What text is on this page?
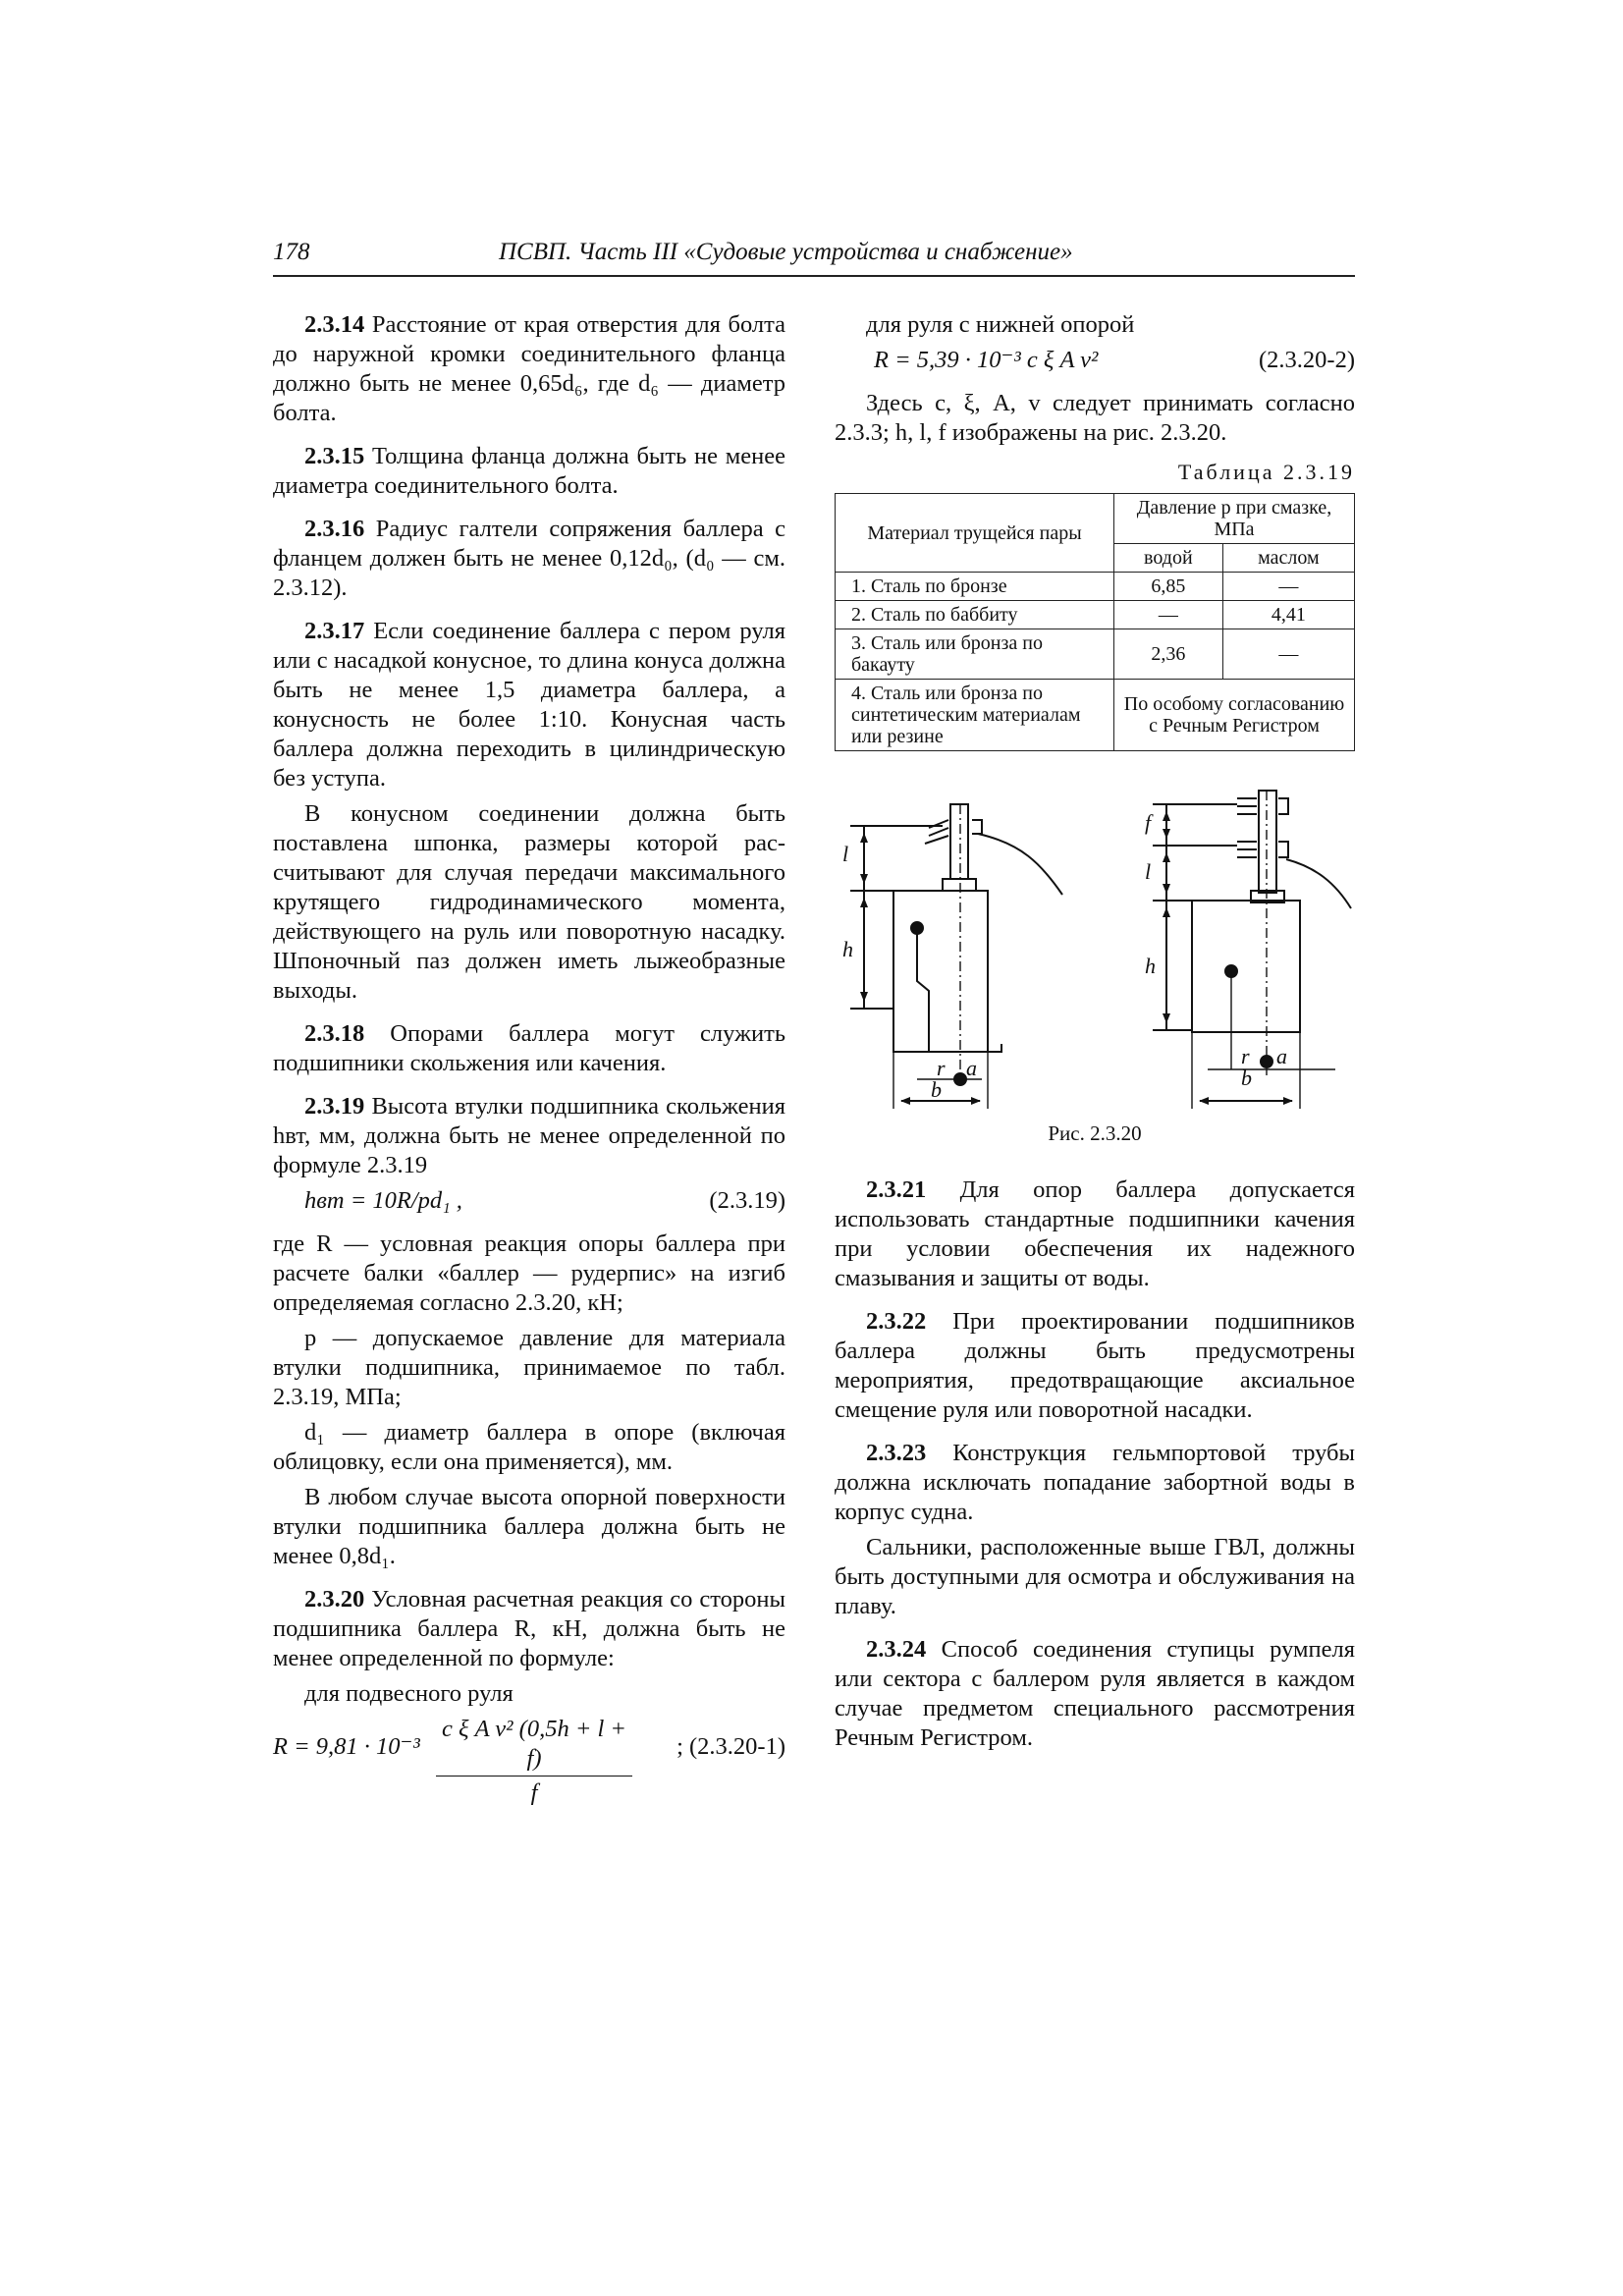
178	ПСВП. Часть III «Судовые устройства и снабжение»

2.3.14 Расстояние от края отверстия для болта до наружной кромки соединительного фланца должно быть не менее 0,65d₆, где d₆ — диаметр болта.

2.3.15 Толщина фланца должна быть не менее диаметра соединительного болта.

2.3.16 Радиус галтели сопряжения баллера с фланцем должен быть не менее 0,12d₀, (d₀ — см. 2.3.12).

2.3.17 Если соединение баллера с пером руля или с насадкой конусное, то длина конуса должна быть не менее 1,5 диаметра баллера, а конусность не более 1:10. Конусная часть баллера должна переходить в цилиндрическую без уступа.

В конусном соединении должна быть поставлена шпонка, размеры которой рассчитывают для случая передачи максимального крутящего гидродинамического момента, действующего на руль или поворотную насадку. Шпоночный паз должен иметь лыжеобразные выходы.

2.3.18 Опорами баллера могут служить подшипники скольжения или качения.

2.3.19 Высота втулки подшипника скольжения hвт, мм, должна быть не менее определенной по формуле 2.3.19

hвт = 10R/pd₁ ,	(2.3.19)

где R — условная реакция опоры баллера при расчете балки «баллер — рудерпис» на изгиб определяемая согласно 2.3.20, кН;

p — допускаемое давление для материала втулки подшипника, принимаемое по табл. 2.3.19, МПа;

d₁ — диаметр баллера в опоре (включая облицовку, если она применяется), мм.

В любом случае высота опорной поверхности втулки подшипника баллера должна быть не менее 0,8d₁.

2.3.20 Условная расчетная реакция со стороны подшипника баллера R, кН, должна быть не менее определенной по формуле:

для подвесного руля

$R = 9,81 \cdot 10^{-3} \frac{\text{c ξ A v² (0,5h + l + f)}}{f}$ ; (2.3.20-1)

для руля с нижней опорой

R = 5,39 · 10⁻³ c ξ A v²	(2.3.20-2)

Здесь c, ξ, A, v следует принимать согласно 2.3.3; h, l, f изображены на рис. 2.3.20.

Таблица 2.3.19
Материал трущейся пары	Давление p при смазке, МПа	
	водой	маслом
1. Сталь по бронзе	6,85	—
2. Сталь по баббиту	—	4,41
3. Сталь или бронза по бакауту	2,36	—
4. Сталь или бронза по синтетическим материалам или резине	По особому согласованию с Речным Регистром	
l
h
r a
b
f
l
h
r a
b
Рис. 2.3.20

2.3.21 Для опор баллера допускается использовать стандартные подшипники качения при условии обеспечения их надежного смазывания и защиты от воды.

2.3.22 При проектировании подшипников баллера должны быть предусмотрены мероприятия, предотвращающие аксиальное смещение руля или поворотной насадки.

2.3.23 Конструкция гельмпортовой трубы должна исключать попадание забортной воды в корпус судна.

Сальники, расположенные выше ГВЛ, должны быть доступными для осмотра и обслуживания на плаву.

2.3.24 Способ соединения ступицы румпеля или сектора с баллером руля является в каждом случае предметом специального рассмотрения Речным Регистром.
